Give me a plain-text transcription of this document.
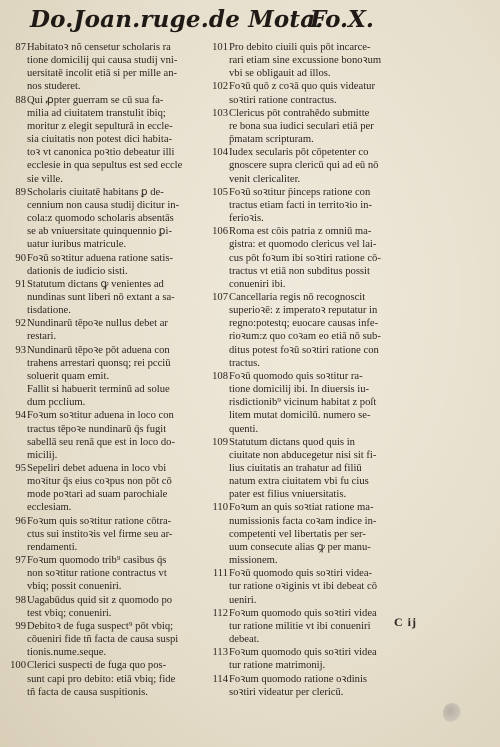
Do.Joan.ruge.de Mota.
Fo.X.
87Habitatoꝛ nõ censetur scholaris ra
tione domicilij qui causa studij vni-
uersitatē incolit etiā si per mille an-
nos studeret.
88Qui ꝓpter guerram se cū sua fa-
milia ad ciuitatem transtulit ibiq;
moritur z elegit sepulturā in eccle-
sia ciuitatis non potest dici habita-
toꝛ vt canonica poꝛtio debeatur illi
ecclesie in qua sepultus est sed eccle
sie ville.
89Scholaris ciuitatē habitans ꝑ de-
cennium non causa studij dicitur in-
cola:z quomodo scholaris absentās
se ab vniuersitate quinquennio ꝑi-
uatur iuribus matricule.
90Foꝛū soꝛtitur aduena ratione satis-
dationis de iudicio sisti.
91Statutum dictans ꝙ venientes ad
nundinas sunt liberi nō extant a sa-
tisdatione.
92Nundinarū tēpoꝛe nullus debet ar
restari.
93Nundinarū tēpoꝛe pōt aduena con
trahens arrestari quonsq; rei pcciū
soluerit quam emit.
Fallit si habuerit terminū ad solue
dum pcclium.
94Foꝛum soꝛtitur aduena in loco con
tractus tēpoꝛe nundinarū q̄s fugit
sabellā seu renā que est in loco do-
micilij.
95Sepeliri debet aduena in loco vbi
moꝛitur q̄s eius coꝛpus non pōt cō
mode poꝛtari ad suam parochiale
ecclesiam.
96Foꝛum quis soꝛtitur ratione cōtra-
ctus sui institoꝛis vel firme seu ar-
rendamenti.
97Foꝛum quomodo trib⁹ casibus q̄s
non soꝛtitur ratione contractus vt
vbiq; possit conueniri.
98Uagabūdus quid sit z quomodo po
test vbiq; conueniri.
99Debitoꝛ de fuga suspect⁹ pōt vbiq;
cōueniri fide tñ facta de causa suspi
tionis.nume.seque.
100Clerici suspecti de fuga quo pos-
sunt capi pro debito: etiā vbiq; fide
tñ facta de causa suspitionis.
101Pro debito ciuili quis pōt incarce-
rari etiam sine excussione bonoꝛum
vbi se obligauit ad illos.
102Foꝛū quō z coꝛā quo quis videatur
soꝛtiri ratione contractus.
103Clericus pōt contrahēdo submitte
re bona sua iudici seculari etiā per
p̄matam scripturam.
104Iudex secularis pōt cōpetenter co
gnoscere supra clericū qui ad eū nō
venit clericaliter.
105Foꝛū soꝛtitur p̄inceps ratione con
tractus etiam facti in territoꝛio in-
ferioꝛis.
106Roma est cōis patria z omniū ma-
gistra: et quomodo clericus vel lai-
cus pōt foꝛum ibi soꝛtiri ratione cō-
tractus vt etiā non subditus possit
conueniri ibi.
107Cancellaria regis nō recognoscit
superioꝛē: z imperatoꝛ reputatur in
regno:potestq; euocare causas infe-
rioꝛum:z quo coꝛam eo etiā nō sub-
ditus potest foꝛū soꝛtiri ratione con
tractus.
108Foꝛū quomodo quis soꝛtitur ra-
tione domicilij ibi. In diuersis iu-
risdictionib⁹ vicinum habitat z poſt
litem mutat domicilū. numero se-
quenti.
109Statutum dictans quod quis in
ciuitate non abducegetur nisi sit fi-
lius ciuitatis an trahatur ad filiū
natum extra ciuitatem vbi fu cius
pater est filius vniuersitatis.
110Foꝛum an quis soꝛtiat ratione ma-
numissionis facta coꝛam indice in-
competenti vel libertatis per ser-
uum consecute alias ꝙ per manu-
missionem.
111Foꝛū quomodo quis soꝛtiri videa-
tur ratione oꝛiginis vt ibi debeat cō
ueniri.
112Foꝛum quomodo quis soꝛtiri videa
tur ratione militie vt ibi conueniri
debeat.
113Foꝛum quomodo quis soꝛtiri videa
tur ratione matrimonij.
114Foꝛum quomodo ratione oꝛdinis
soꝛtiri videatur per clericū.
C ij
